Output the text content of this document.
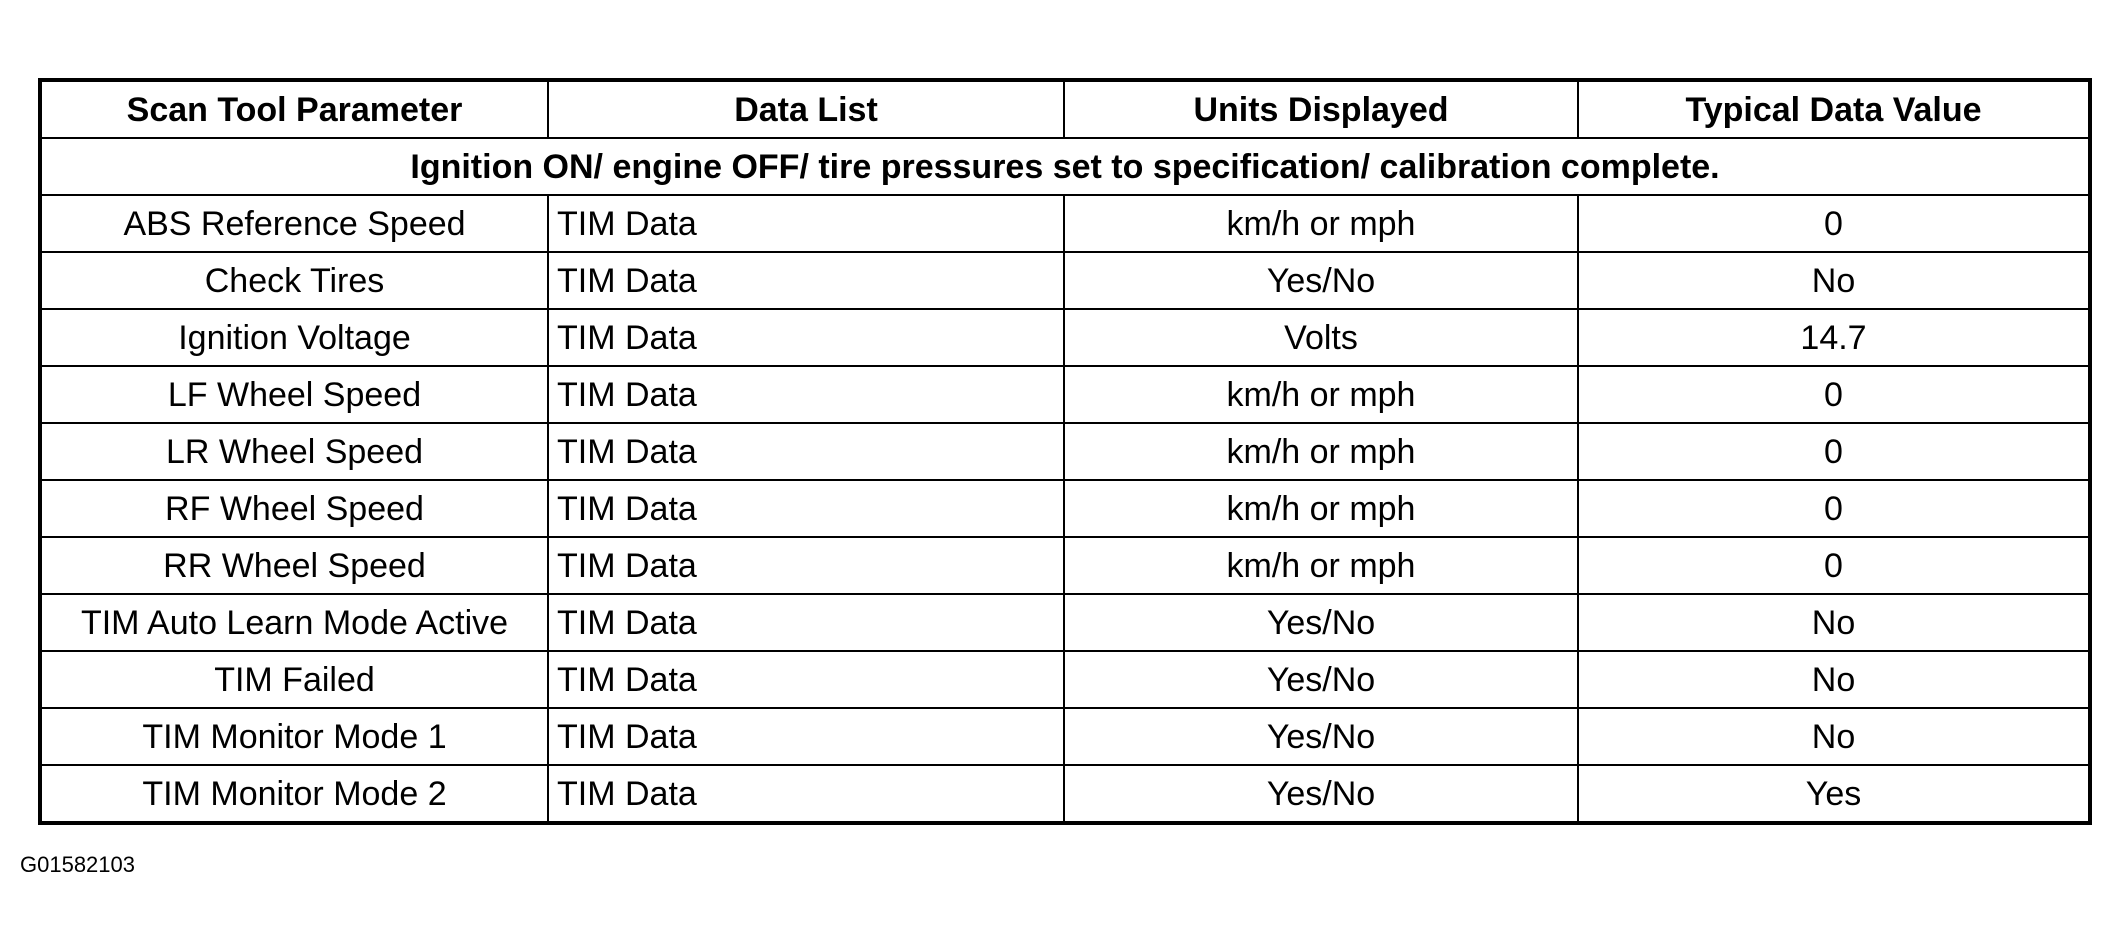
Scan Tool Parameter	Data List	Units Displayed	Typical Data Value
Ignition ON/ engine OFF/ tire pressures set to specification/ calibration complete.			
ABS Reference Speed	TIM Data	km/h or mph	0
Check Tires	TIM Data	Yes/No	No
Ignition Voltage	TIM Data	Volts	14.7
LF Wheel Speed	TIM Data	km/h or mph	0
LR Wheel Speed	TIM Data	km/h or mph	0
RF Wheel Speed	TIM Data	km/h or mph	0
RR Wheel Speed	TIM Data	km/h or mph	0
TIM Auto Learn Mode Active	TIM Data	Yes/No	No
TIM Failed	TIM Data	Yes/No	No
TIM Monitor Mode 1	TIM Data	Yes/No	No
TIM Monitor Mode 2	TIM Data	Yes/No	Yes
G01582103
